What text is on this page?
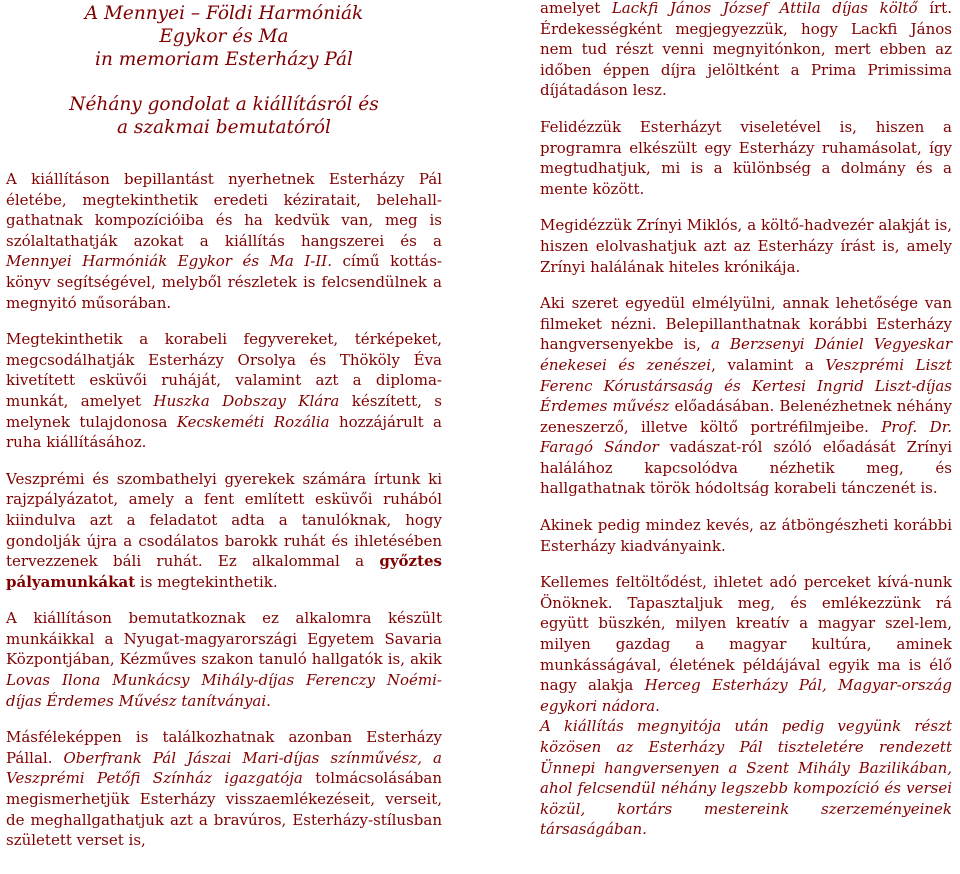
A Mennyei – Földi Harmóniák
Egykor és Ma
in memoriam Esterházy Pál
Néhány gondolat a kiállításról és
a szakmai bemutatóról

A kiállításon bepillantást nyerhetnek Esterházy Pál életébe, megtekinthetik eredeti kéziratait, belehall-gathatnak kompozícióiba és ha kedvük van, meg is szólaltathatják azokat a kiállítás hangszerei és a Mennyei Harmóniák Egykor és Ma I-II. című kottás-könyv segítségével, melyből részletek is felcsendülnek a megnyitó műsorában.

Megtekinthetik a korabeli fegyvereket, térképeket, megcsodálhatják Esterházy Orsolya és Thököly Éva kivetített esküvői ruháját, valamint azt a diploma-munkát, amelyet Huszka Dobszay Klára készített, s melynek tulajdonosa Kecskeméti Rozália hozzájárult a ruha kiállításához.

Veszprémi és szombathelyi gyerekek számára írtunk ki rajzpályázatot, amely a fent említett esküvői ruhából kiindulva azt a feladatot adta a tanulóknak, hogy gondolják újra a csodálatos barokk ruhát és ihletésében tervezzenek báli ruhát. Ez alkalommal a győztes pályamunkákat is megtekinthetik.

A kiállításon bemutatkoznak ez alkalomra készült munkáikkal a Nyugat-magyarországi Egyetem Savaria Központjában, Kézműves szakon tanuló hallgatók is, akik Lovas Ilona Munkácsy Mihály-díjas Ferenczy Noémi-díjas Érdemes Művész tanítványai.

Másféleképpen is találkozhatnak azonban Esterházy Pállal. Oberfrank Pál Jászai Mari-díjas színművész, a Veszprémi Petőfi Színház igazgatója tolmácsolásában megismerhetjük Esterházy visszaemlékezéseit, verseit, de meghallgathatjuk azt a bravúros, Esterházy-stílusban született verset is,

amelyet Lackfi János József Attila díjas költő írt. Érdekességként megjegyezzük, hogy Lackfi János nem tud részt venni megnyitónkon, mert ebben az időben éppen díjra jelöltként a Prima Primissima díjátadáson lesz.

Felidézzük Esterházyt viseletével is, hiszen a programra elkészült egy Esterházy ruhamásolat, így megtudhatjuk, mi is a különbség a dolmány és a mente között.

Megidézzük Zrínyi Miklós, a költő-hadvezér alakját is, hiszen elolvashatjuk azt az Esterházy írást is, amely Zrínyi halálának hiteles krónikája.

Aki szeret egyedül elmélyülni, annak lehetősége van filmeket nézni. Belepillanthatnak korábbi Esterházy hangversenyekbe is, a Berzsenyi Dániel Vegyeskar énekesei és zenészei, valamint a Veszprémi Liszt Ferenc Kórustársaság és Kertesi Ingrid Liszt-díjas Érdemes művész előadásában. Belenézhetnek néhány zeneszerző, illetve költő portréfilmjeibe. Prof. Dr. Faragó Sándor vadászat-ról szóló előadását Zrínyi halálához kapcsolódva nézhetik meg, és hallgathatnak török hódoltság korabeli tánczenét is.

Akinek pedig mindez kevés, az átböngészheti korábbi Esterházy kiadványaink.

Kellemes feltöltődést, ihletet adó perceket kívá-nunk Önöknek. Tapasztaljuk meg, és emlékezzünk rá együtt büszkén, milyen kreatív a magyar szel-lem, milyen gazdag a magyar kultúra, aminek munkásságával, életének példájával egyik ma is élő nagy alakja Herceg Esterházy Pál, Magyar-ország egykori nádora.

A kiállítás megnyitója után pedig vegyünk részt közösen az Esterházy Pál tiszteletére rendezett Ünnepi hangversenyen a Szent Mihály Bazilikában, ahol felcsendül néhány legszebb kompozíció és versei közül, kortárs mestereink szerzeményeinek társaságában.
